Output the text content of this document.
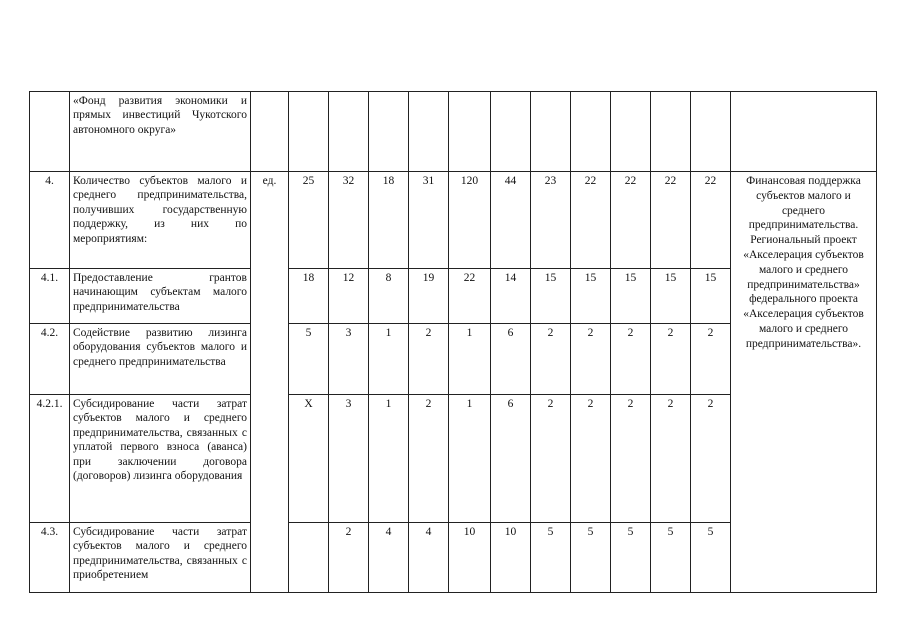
	«Фонд развития экономики и прямых инвестиций Чукотского автономного округа»														
4.	Количество субъектов малого и среднего предпринимательства, получивших государственную поддержку, из них по мероприятиям:	ед.	25	32	18	31	120	44	23	22	22	22	22	Финансовая поддержка субъектов малого и среднего предпринимательства. Региональный проект «Акселерация субъектов малого и среднего предпринимательства» федерального проекта «Акселерация субъектов малого и среднего предпринимательства».	
4.1.	Предоставление грантов начинающим субъектам малого предпринимательства		18	12	8	19	22	14	15	15	15	15	15		
4.2.	Содействие развитию лизинга оборудования субъектов малого и среднего предпринимательства		5	3	1	2	1	6	2	2	2	2	2		
4.2.1.	Субсидирование части затрат субъектов малого и среднего предпринимательства, связанных с уплатой первого взноса (аванса) при заключении договора (договоров) лизинга оборудования		Х	3	1	2	1	6	2	2	2	2	2		
4.3.	Субсидирование части затрат субъектов малого и среднего предпринимательства, связанных с приобретением			2	4	4	10	10	5	5	5	5	5		
